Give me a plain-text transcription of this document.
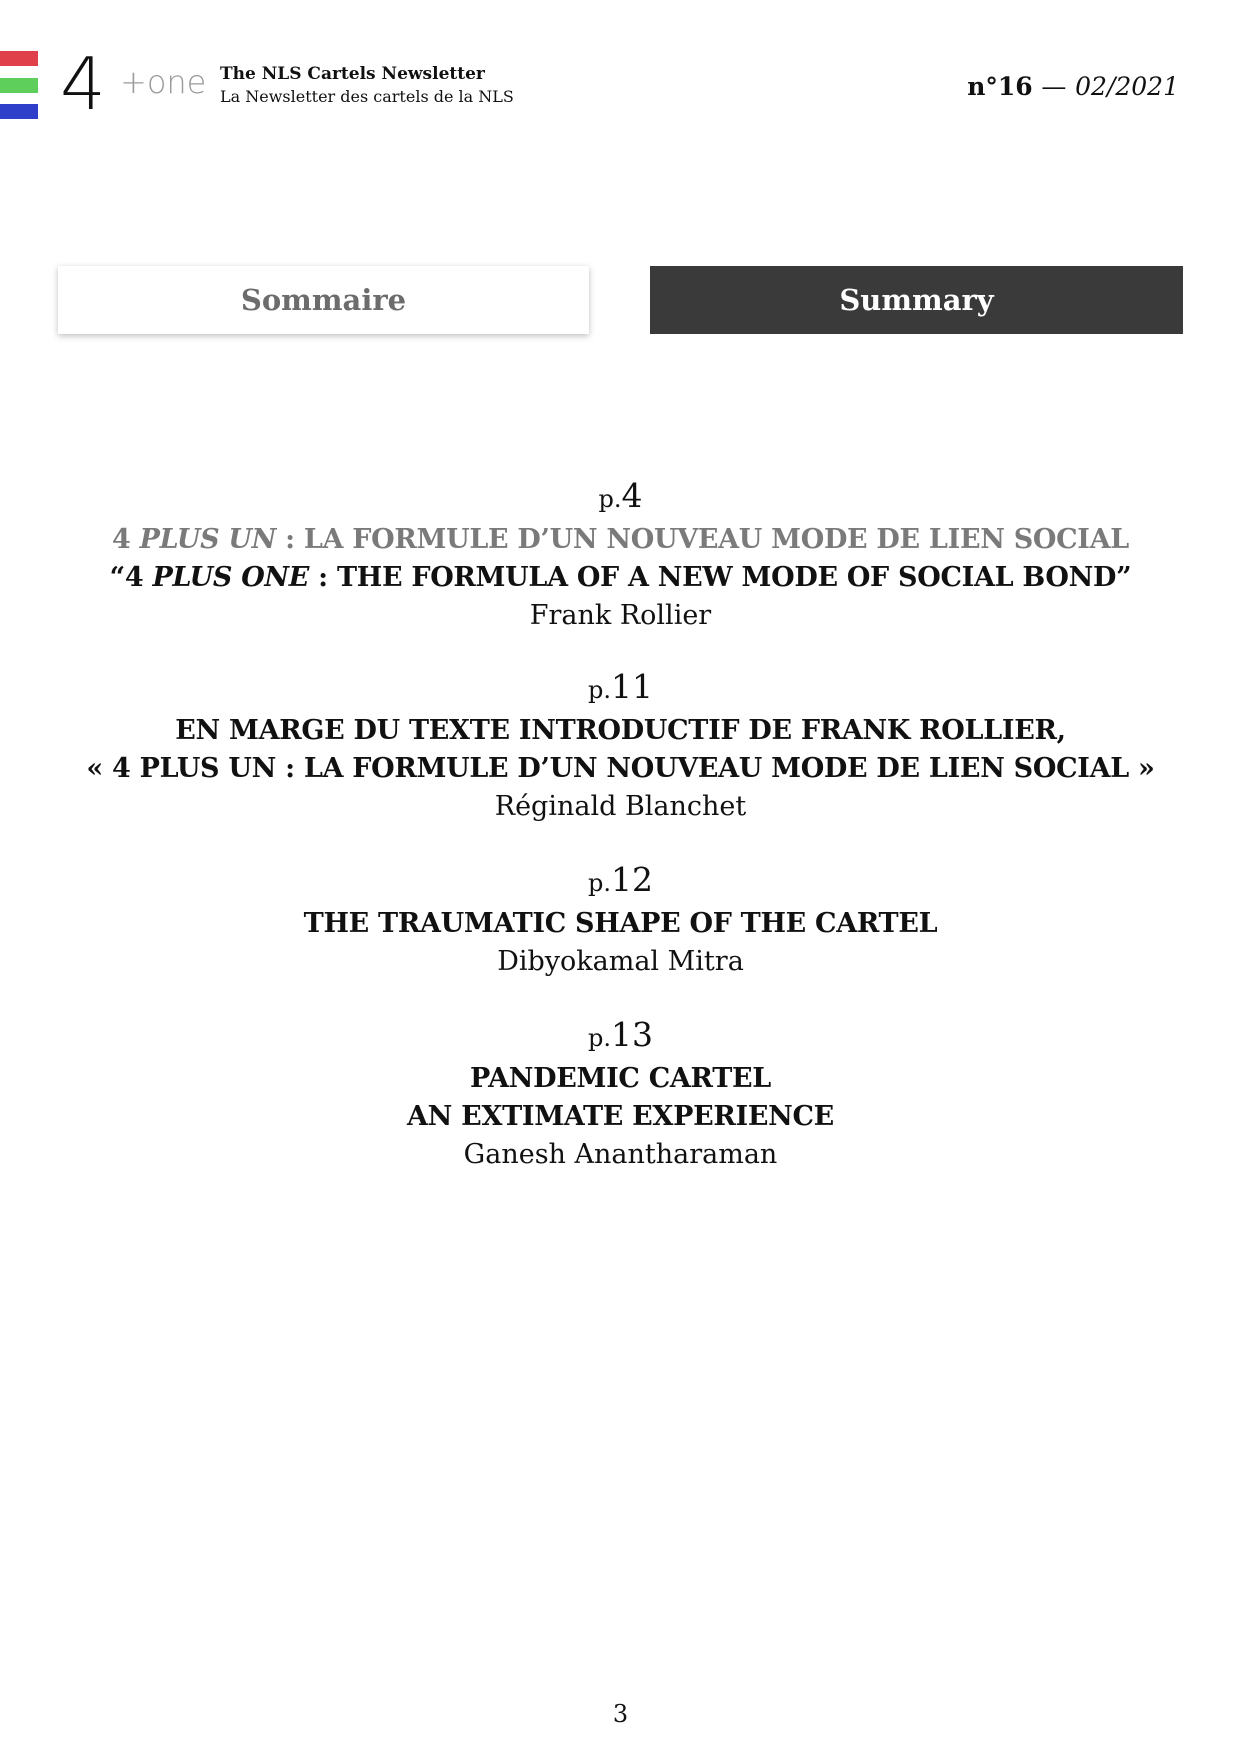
4 +one The NLS Cartels Newsletter
La Newsletter des cartels de la NLS	n°16 — 02/2021
Sommaire	Summary
p.4
4 PLUS UN : LA FORMULE D’UN NOUVEAU MODE DE LIEN SOCIAL
“4 PLUS ONE : THE FORMULA OF A NEW MODE OF SOCIAL BOND”
Frank Rollier
p.11
EN MARGE DU TEXTE INTRODUCTIF DE FRANK ROLLIER,
« 4 PLUS UN : LA FORMULE D’UN NOUVEAU MODE DE LIEN SOCIAL »
Réginald Blanchet
p.12
THE TRAUMATIC SHAPE OF THE CARTEL
Dibyokamal Mitra
p.13
PANDEMIC CARTEL
AN EXTIMATE EXPERIENCE
Ganesh Anantharaman
3
